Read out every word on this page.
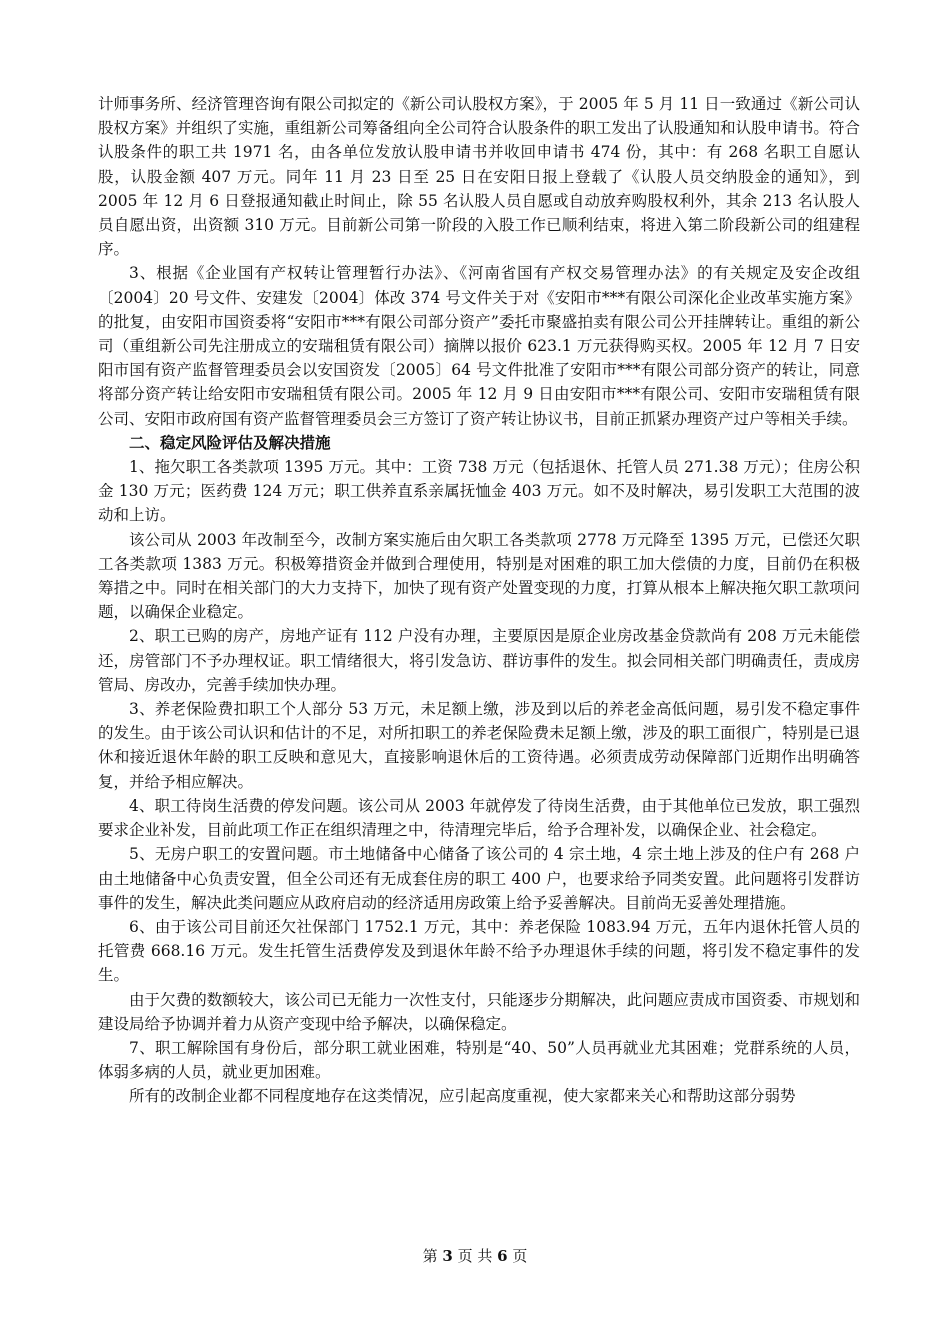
计师事务所、经济管理咨询有限公司拟定的《新公司认股权方案》，于 2005 年 5 月 11 日一致通过《新公司认股权方案》并组织了实施，重组新公司筹备组向全公司符合认股条件的职工发出了认股通知和认股申请书。符合认股条件的职工共 1971 名，由各单位发放认股申请书并收回申请书 474 份，其中：有 268 名职工自愿认股，认股金额 407 万元。同年 11 月 23 日至 25 日在安阳日报上登载了《认股人员交纳股金的通知》，到 2005 年 12 月 6 日登报通知截止时间止，除 55 名认股人员自愿或自动放弃购股权利外，其余 213 名认股人员自愿出资，出资额 310 万元。目前新公司第一阶段的入股工作已顺利结束，将进入第二阶段新公司的组建程序。

3、根据《企业国有产权转让管理暂行办法》、《河南省国有产权交易管理办法》的有关规定及安企改组〔2004〕20 号文件、安建发〔2004〕体改 374 号文件关于对《安阳市***有限公司深化企业改革实施方案》的批复，由安阳市国资委将“安阳市***有限公司部分资产”委托市聚盛拍卖有限公司公开挂牌转让。重组的新公司（重组新公司先注册成立的安瑞租赁有限公司）摘牌以报价 623.1 万元获得购买权。2005 年 12 月 7 日安阳市国有资产监督管理委员会以安国资发〔2005〕64 号文件批准了安阳市***有限公司部分资产的转让，同意将部分资产转让给安阳市安瑞租赁有限公司。2005 年 12 月 9 日由安阳市***有限公司、安阳市安瑞租赁有限公司、安阳市政府国有资产监督管理委员会三方签订了资产转让协议书，目前正抓紧办理资产过户等相关手续。

二、稳定风险评估及解决措施

1、拖欠职工各类款项 1395 万元。其中：工资 738 万元（包括退休、托管人员 271.38 万元）；住房公积金 130 万元；医药费 124 万元；职工供养直系亲属抚恤金 403 万元。如不及时解决，易引发职工大范围的波动和上访。

该公司从 2003 年改制至今，改制方案实施后由欠职工各类款项 2778 万元降至 1395 万元，已偿还欠职工各类款项 1383 万元。积极筹措资金并做到合理使用，特别是对困难的职工加大偿债的力度，目前仍在积极筹措之中。同时在相关部门的大力支持下，加快了现有资产处置变现的力度，打算从根本上解决拖欠职工款项问题，以确保企业稳定。

2、职工已购的房产，房地产证有 112 户没有办理，主要原因是原企业房改基金贷款尚有 208 万元未能偿还，房管部门不予办理权证。职工情绪很大，将引发急访、群访事件的发生。拟会同相关部门明确责任，责成房管局、房改办，完善手续加快办理。

3、养老保险费扣职工个人部分 53 万元，未足额上缴，涉及到以后的养老金高低问题，易引发不稳定事件的发生。由于该公司认识和估计的不足，对所扣职工的养老保险费未足额上缴，涉及的职工面很广，特别是已退休和接近退休年龄的职工反映和意见大，直接影响退休后的工资待遇。必须责成劳动保障部门近期作出明确答复，并给予相应解决。

4、职工待岗生活费的停发问题。该公司从 2003 年就停发了待岗生活费，由于其他单位已发放，职工强烈要求企业补发，目前此项工作正在组织清理之中，待清理完毕后，给予合理补发，以确保企业、社会稳定。

5、无房户职工的安置问题。市土地储备中心储备了该公司的 4 宗土地，4 宗土地上涉及的住户有 268 户由土地储备中心负责安置，但全公司还有无成套住房的职工 400 户，也要求给予同类安置。此问题将引发群访事件的发生，解决此类问题应从政府启动的经济适用房政策上给予妥善解决。目前尚无妥善处理措施。

6、由于该公司目前还欠社保部门 1752.1 万元，其中：养老保险 1083.94 万元，五年内退休托管人员的托管费 668.16 万元。发生托管生活费停发及到退休年龄不给予办理退休手续的问题，将引发不稳定事件的发生。

由于欠费的数额较大，该公司已无能力一次性支付，只能逐步分期解决，此问题应责成市国资委、市规划和建设局给予协调并着力从资产变现中给予解决，以确保稳定。

7、职工解除国有身份后，部分职工就业困难，特别是“40、50”人员再就业尤其困难；党群系统的人员，体弱多病的人员，就业更加困难。

所有的改制企业都不同程度地存在这类情况，应引起高度重视，使大家都来关心和帮助这部分弱势

第 3 页 共 6 页
